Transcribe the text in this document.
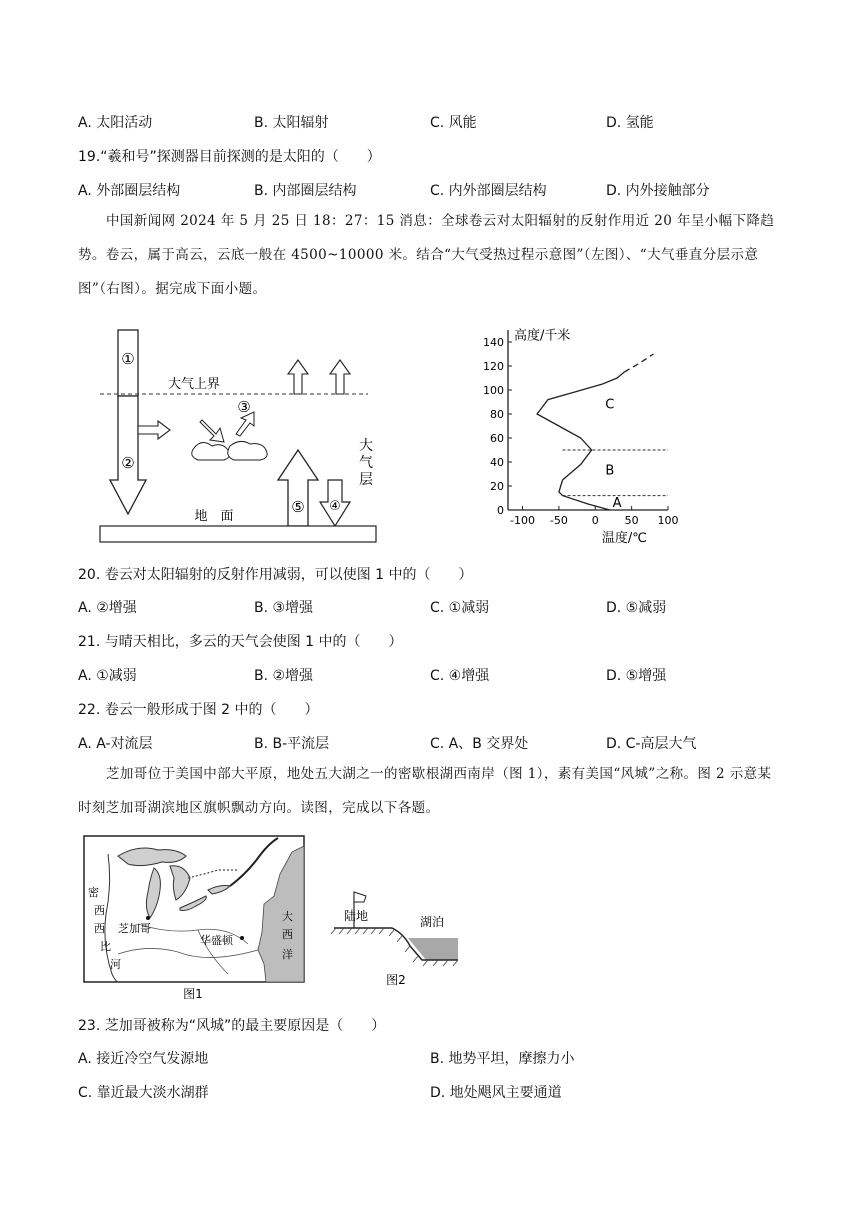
A. 太阳活动	B. 太阳辐射	C. 风能	D. 氢能
19.“羲和号”探测器目前探测的是太阳的（　　）
A. 外部圈层结构	B. 内部圈层结构	C. 内外部圈层结构	D. 内外接触部分

中国新闻网 2024 年 5 月 25 日 18：27：15 消息：全球卷云对太阳辐射的反射作用近 20 年呈小幅下降趋势。卷云，属于高云，云底一般在 4500~10000 米。结合“大气受热过程示意图”（左图）、“大气垂直分层示意图”（右图）。据完成下面小题。

①
大气上界
②
③
⑤ ④
大
气
层
地　面	0
20
40
60
80
100
120
140
-100 -50 0 50 100
A
B
C
高度/千米
温度/℃
20. 卷云对太阳辐射的反射作用减弱，可以使图 1 中的（　　）
A. ②增强	B. ③增强	C. ①减弱	D. ⑤减弱
21. 与晴天相比，多云的天气会使图 1 中的（　　）
A. ①减弱	B. ②增强	C. ④增强	D. ⑤增强
22. 卷云一般形成于图 2 中的（　　）
A. A-对流层	B. B-平流层	C. A、B 交界处	D. C-高层大气

芝加哥位于美国中部大平原，地处五大湖之一的密歇根湖西南岸（图 1），素有美国“风城”之称。图 2 示意某时刻芝加哥湖滨地区旗帜飘动方向。读图，完成以下各题。

密
西
西
比
河
芝加哥
华盛顿
大
西
洋
图1
陆地	湖泊
图2
23. 芝加哥被称为“风城”的最主要原因是（　　）
A. 接近冷空气发源地	B. 地势平坦，摩擦力小
C. 靠近最大淡水湖群	D. 地处飓风主要通道
